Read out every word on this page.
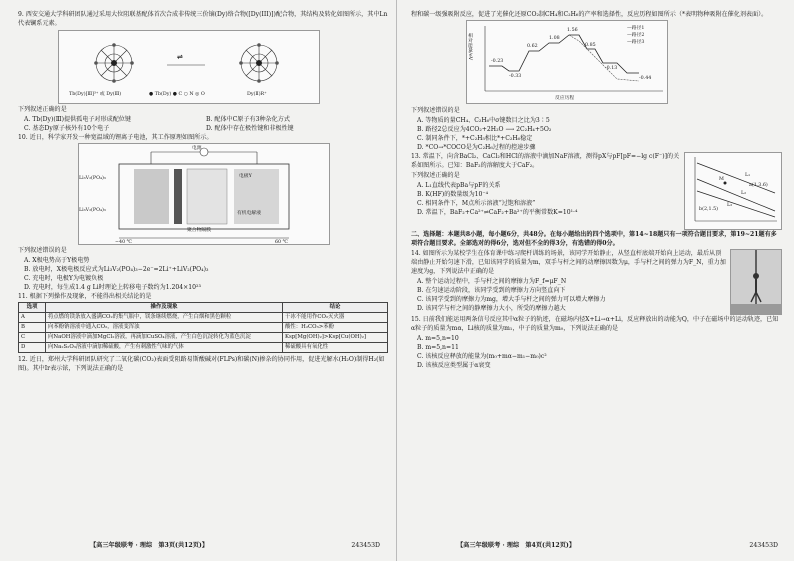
9. 西安交通大学科研团队通过采用大位阻联基配体首次合成非传统三价镝(Dy)络合物([Dy(III)])配合物，其结构及转化如图所示，其中Ln代表镧系元素。

⇌
Tb(Dy)[Ⅲ]³⁺ 或 Dy(Ⅲ)	● Tb(Dy) ● C ○ N ◎ O	Dy(Ⅱ)R⁺

下列叙述正确的是

A. Tb(Dy)(Ⅲ)提供孤电子对形成配位键	B. 配体中C原子有3种杂化方式
C. 基态Dy原子核外有10个电子	D. 配体中存在极性键和非极性键

10. 近日，科学家开发一种宽温域的锂离子电池，其工作原理如图所示。

电源
Li₃V₂(PO₄)₃
Li₃V₂(PO₄)₃
电极Y
有机电解液
聚合物隔膜
−40 ℃	60 ℃

下列叙述错误的是

A. X极电势高于Y极电势

B. 放电时，X极电极反应式为Li₃V₂(PO₄)₃−2e⁻=2Li⁺+LiV₂(PO₄)₃

C. 充电时，电极Y为电镀负极

D. 充电时，每生成1.4 g Li时理论上转移电子数约为1.204×10²³

11. 根据下列操作及现象，不能得出相关结论的是

选项	操作及现象	结论
A	将点燃的镁条放入盛满CO₂的集气瓶中，镁条继续燃烧，产生白烟和黑色颗粒	干冰不能用作CO₂灭火器
B	向苯酚钠溶液中通入CO₂，溶液变浑浊	酸性：H₂CO₃>苯酚
C	向NaOH溶液中滴加MgCl₂溶液，再滴加CuSO₄溶液，产生白色沉淀转化为蓝色沉淀	Ksp[Mg(OH)₂]>Ksp[Cu(OH)₂]
D	向Na₂S₂O₃溶液中滴加稀硫酸，产生有刺激性气味的气体	稀硫酸具有氧化性

12. 近日，郑州大学科研团队研究了二氧化碳(CO₂)表面受阻路易斯酸碱对(FLPs)和碳(N)掺杂的协同作用，促进光解水(H₂O)制得H₂(如图)。其中Ir表示铱，下列说法正确的是

【高三年级联考 · 理综　第3页(共12页)】	243453D

程和碳一级强吸附反应，促进了光催化还原CO₂制CH₄和C₂H₆的产率和选择性，反应历程如图所示（*表明物种吸附在催化剂表面）。

相对能量/eV
反应历程
-0.23
-0.33
0.62
1.08
1.56
0.85
-0.13
-0.44
—路径1
—路径2
—路径3

下列叙述错误的是

A. 等物质的量CH₄、C₂H₆中σ键数目之比为3∶5

B. 路径2总反应为4CO₂+2H₂O ⟶ 2C₂H₄+5O₂

C. 制同条件下，*+C₂H₅相比*+C₂H₆稳定

D. *CO→*COCO是为C₂H₆过程的控速步骤

13. 常温下，向含BaCl₂、CaCl₂和HCl的溶液中滴加NaF溶液，测得pX与pF[pF=−lg c(F⁻)]的关系如图所示。已知：BaF₂的溶解度大于CaF₂。

下列叙述正确的是

A. L₁直线代表pBa与pF的关系

B. K(HF)的数量级为10⁻⁴

C. 相同条件下，M点所示溶液“过饱和溶液”

D. 常温下，BaF₂+Ca²⁺⇌CaF₂+Ba²⁺的平衡常数K=10¹·⁴

L₁
L₂
L₃
M
a(1,3.6)
b(2,1.5)

二、选择题：本题共8小题，每小题6分，共48分。在每小题给出的四个选项中，第14~18题只有一项符合题目要求，第19~21题有多项符合题目要求。全部选对的得6分，选对但不全的得3分，有选错的得0分。

14. 如图所示为某校学生在体育课中练习爬杆训练的场景，该同学开始静止，从竖直杆底端开始向上运动，最后从顶端由静止开始匀速下滑，已知该同学的质量为m，双手与杆之间的动摩擦因数为μ，手与杆之间的弹力为F_N，重力加速度为g，下列说法中正确的是

A. 整个运动过程中，手与杆之间的摩擦力为F_f=μF_N

B. 在匀速运动阶段，该同学受到的摩擦力方向竖直向下

C. 该同学受到的摩擦力为mg，增大手与杆之间的弹力可以增大摩擦力

D. 该同学与杆之间的静摩擦力大小，所受的摩擦力越大

15. 日前我们能运用两条信号反应其中α粒子的轨迹，在磁场内径X+Li→α+Li，反应释放出的动能为Q，中子在磁场中的运动轨迹，已知α粒子的质量为mα，Li核的质量为m₁，中子的质量为m₀，下列说法正确的是

A. m=5,n=10

B. m=5,n=11

C. 该核反应释放的能量为(m₀+mα−m₁−m₀)c²

D. 该核反应类型属于α衰变

【高三年级联考 · 理综　第4页(共12页)】	243453D
